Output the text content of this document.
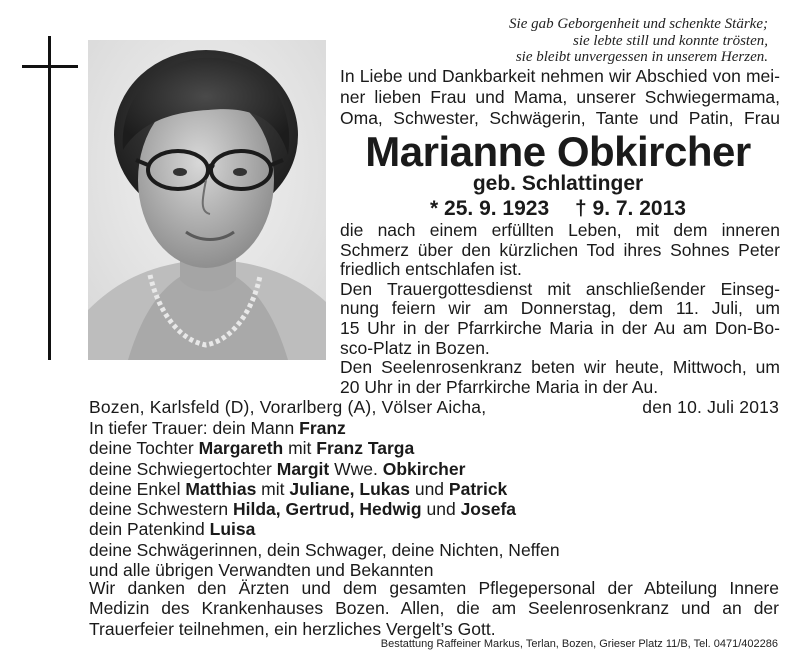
Sie gab Geborgenheit und schenkte Stärke;
sie lebte still und konnte trösten,
sie bleibt unvergessen in unserem Herzen.
In Liebe und Dankbarkeit nehmen wir Abschied von mei-
ner lieben Frau und Mama, unserer Schwiegermama,
Oma, Schwester, Schwägerin, Tante und Patin, Frau
Marianne Obkircher
geb. Schlattinger
* 25. 9. 1923 † 9. 7. 2013
die nach einem erfüllten Leben, mit dem inneren
Schmerz über den kürzlichen Tod ihres Sohnes Peter
friedlich entschlafen ist.
Den Trauergottesdienst mit anschließender Einseg-
nung feiern wir am Donnerstag, dem 11. Juli, um
15 Uhr in der Pfarrkirche Maria in der Au am Don-Bo-
sco-Platz in Bozen.
Den Seelenrosenkranz beten wir heute, Mittwoch, um
20 Uhr in der Pfarrkirche Maria in der Au.
Bozen, Karlsfeld (D), Vorarlberg (A), Völser Aicha,	den 10. Juli 2013
In tiefer Trauer: dein Mann Franz
deine Tochter Margareth mit Franz Targa
deine Schwiegertochter Margit Wwe. Obkircher
deine Enkel Matthias mit Juliane, Lukas und Patrick
deine Schwestern Hilda, Gertrud, Hedwig und Josefa
dein Patenkind Luisa
deine Schwägerinnen, dein Schwager, deine Nichten, Neffen
und alle übrigen Verwandten und Bekannten
Wir danken den Ärzten und dem gesamten Pflegepersonal der Abteilung Innere
Medizin des Krankenhauses Bozen. Allen, die am Seelenrosenkranz und an der
Trauerfeier teilnehmen, ein herzliches Vergelt’s Gott.
Bestattung Raffeiner Markus, Terlan, Bozen, Grieser Platz 11/B, Tel. 0471/402286
